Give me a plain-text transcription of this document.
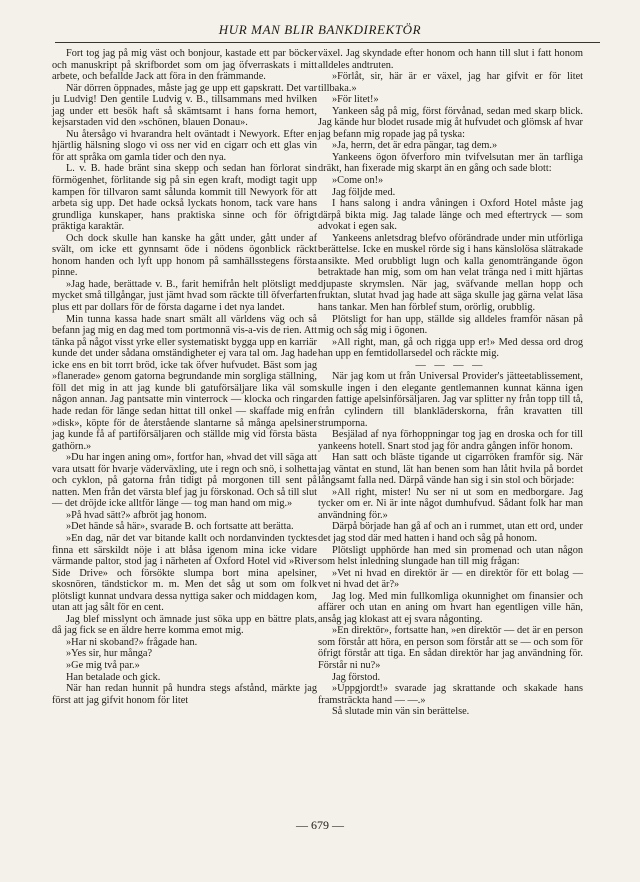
HUR MAN BLIR BANKDIREKTÖR

Fort tog jag på mig väst och bonjour, kastade ett par böcker och manuskript på skrifbordet som om jag öfverraskats i mitt arbete, och befallde Jack att föra in den främmande.

När dörren öppnades, måste jag ge upp ett gapskratt. Det var ju Ludvig! Den gentile Ludvig v. B., tillsammans med hvilken jag under ett besök haft så skämtsamt i hans forna hemort, kejsarstaden vid den »schönen, blauen Donau».

Nu återsågo vi hvarandra helt oväntadt i Newyork. Efter en hjärtlig hälsning slogo vi oss ner vid en cigarr och ett glas vin för att språka om gamla tider och den nya.

L. v. B. hade bränt sina skepp och sedan han förlorat sin förmögenhet, förlitande sig på sin egen kraft, modigt tagit upp kampen för tillvaron samt sålunda kommit till Newyork för att arbeta sig upp. Det hade också lyckats honom, tack vare hans grundliga kunskaper, hans praktiska sinne och för öfrigt präktiga karaktär.

Och dock skulle han kanske ha gått under, gått under af svält, om icke ett gynnsamt öde i nödens ögonblick räckt honom handen och lyft upp honom på samhällsstegens första pinne.

»Jag hade, berättade v. B., farit hemifrån helt plötsligt med mycket små tillgångar, just jämt hvad som räckte till öfverfarten plus ett par dollars för de första dagarne i det nya landet.

Min tunna kassa hade snart smält all världens väg och så befann jag mig en dag med tom portmonnä vis-a-vis de rien. Att tänka på något visst yrke eller systematiskt bygga upp en karriär kunde det under sådana omständigheter ej vara tal om. Jag hade icke ens en bit torrt bröd, icke tak öfver hufvudet. Bäst som jag »flanerade» genom gatorna begrundande min sorgliga ställning, föll det mig in att jag kunde bli gatuförsäljare lika väl som någon annan. Jag pantsatte min vinterrock — klocka och ringar hade redan för länge sedan hittat till onkel — skaffade mig en »disk», köpte för de återstående slantarne så många apelsiner jag kunde få af partiförsäljaren och ställde mig vid första bästa gathörn.»

»Du har ingen aning om», fortfor han, »hvad det vill säga att vara utsatt för hvarje väderväxling, ute i regn och snö, i solhetta och cyklon, på gatorna från tidigt på morgonen till sent på natten. Men från det värsta blef jag ju förskonad. Och så till slut — det dröjde icke alltför länge — tog man hand om mig.»

»På hvad sätt?» afbröt jag honom.

»Det hände så här», svarade B. och fortsatte att berätta.

»En dag, när det var bitande kallt och nordanvinden tycktes finna ett särskildt nöje i att blåsa igenom mina icke vidare värmande paltor, stod jag i närheten af Oxford Hotel vid »River Side Drive» och försökte slumpa bort mina apelsiner, skosnören, tändstickor m. m. Men det såg ut som om folk plötsligt kunnat undvara dessa nyttiga saker och middagen kom, utan att jag sålt för en cent.

Jag blef misslynt och ämnade just söka upp en bättre plats, då jag fick se en äldre herre komma emot mig.

»Har ni skoband?» frågade han.

»Yes sir, hur många?

»Ge mig två par.»

Han betalade och gick.

När han redan hunnit på hundra stegs afstånd, märkte jag först att jag gifvit honom för litet

växel. Jag skyndade efter honom och hann till slut i fatt honom alldeles andtruten.

»Förlåt, sir, här är er växel, jag har gifvit er för litet tillbaka.»

»För litet!»

Yankeen såg på mig, först förvånad, sedan med skarp blick. Jag kände hur blodet rusade mig åt hufvudet och glömsk af hvar jag befann mig ropade jag på tyska:

»Ja, herrn, det är edra pängar, tag dem.»

Yankeens ögon öfverforo min tvifvelsutan mer än tarfliga dräkt, han fixerade mig skarpt än en gång och sade blott:

»Come on!»

Jag följde med.

I hans salong i andra våningen i Oxford Hotel måste jag därpå bikta mig. Jag talade länge och med eftertryck — som advokat i egen sak.

Yankeens anletsdrag blefvo oförändrade under min utförliga berättelse. Icke en muskel rörde sig i hans känslolösa slätrakade ansikte. Med orubbligt lugn och kalla genomträngande ögon betraktade han mig, som om han velat tränga ned i mitt hjärtas djupaste skrymslen. När jag, sväfvande mellan hopp och fruktan, slutat hvad jag hade att säga skulle jag gärna velat läsa hans tankar. Men han förblef stum, orörlig, orubblig.

Plötsligt for han upp, ställde sig alldeles framför näsan på mig och såg mig i ögonen.

»All right, man, gå och rigga upp er!» Med dessa ord drog han upp en femtidollarsedel och räckte mig.

— — — —

När jag kom ut från Universal Provider's jätteetablissement, skulle ingen i den elegante gentlemannen kunnat känna igen den fattige apelsinförsäljaren. Jag var splitter ny från topp till tå, från cylindern till blankläderskorna, från kravatten till strumporna.

Besjälad af nya förhoppningar tog jag en droska och for till yankeens hotell. Snart stod jag för andra gången inför honom.

Han satt och bläste tigande ut cigarröken framför sig. När jag väntat en stund, lät han benen som han låtit hvila på bordet långsamt falla ned. Därpå vände han sig i sin stol och började:

»All right, mister! Nu ser ni ut som en medborgare. Jag tycker om er. Ni är inte något dumhufvud. Sådant folk har man användning för.»

Därpå började han gå af och an i rummet, utan ett ord, under det jag stod där med hatten i hand och såg på honom.

Plötsligt upphörde han med sin promenad och utan någon som helst inledning slungade han till mig frågan:

»Vet ni hvad en direktör är — en direktör för ett bolag — vet ni hvad det är?»

Jag log. Med min fullkomliga okunnighet om finansier och affärer och utan en aning om hvart han egentligen ville hän, ansåg jag klokast att ej svara någonting.

»En direktör», fortsatte han, »en direktör — det är en person som förstår att höra, en person som förstår att se — och som för öfrigt förstår att tiga. En sådan direktör har jag användning för. Förstår ni nu?»

Jag förstod.

»Uppgjordt!» svarade jag skrattande och skakade hans framsträckta hand — —.»

Så slutade min vän sin berättelse.

— 679 —
